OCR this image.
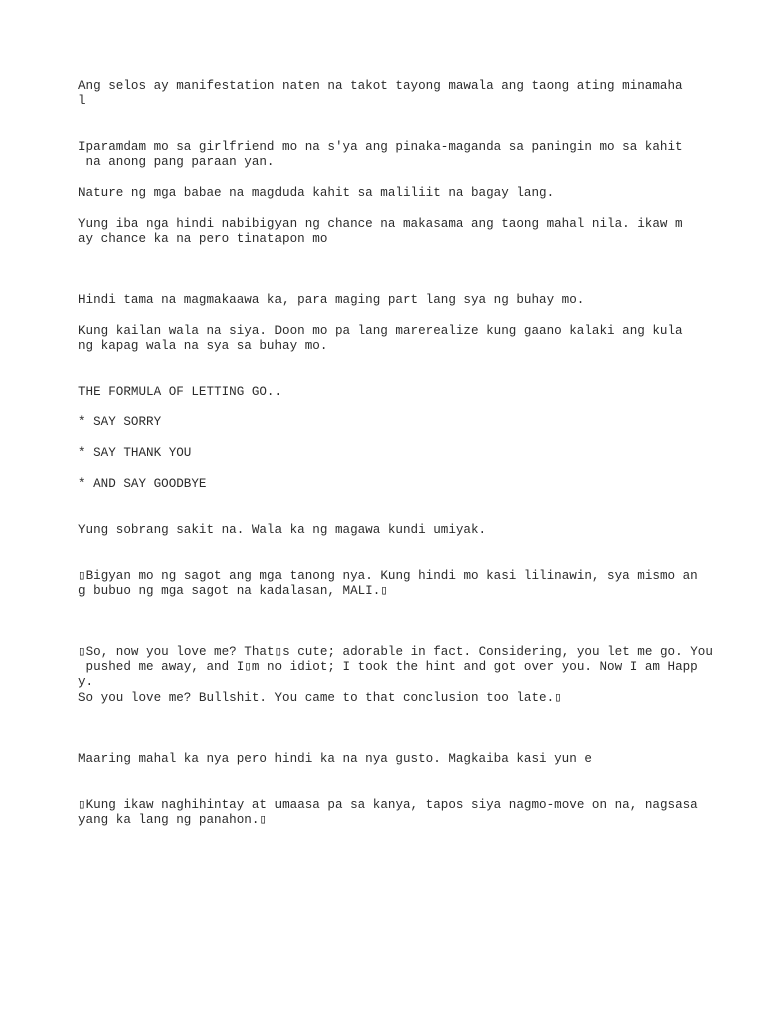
Ang selos ay manifestation naten na takot tayong mawala ang taong ating minamaha

l

Iparamdam mo sa girlfriend mo na s'ya ang pinaka-maganda sa paningin mo sa kahit

na anong pang paraan yan.

Nature ng mga babae na magduda kahit sa maliliit na bagay lang.

Yung iba nga hindi nabibigyan ng chance na makasama ang taong mahal nila. ikaw m

ay chance ka na pero tinatapon mo

Hindi tama na magmakaawa ka, para maging part lang sya ng buhay mo.

Kung kailan wala na siya. Doon mo pa lang marerealize kung gaano kalaki ang kula

ng kapag wala na sya sa buhay mo.

THE FORMULA OF LETTING GO..

* SAY SORRY

* SAY THANK YOU

* AND SAY GOODBYE

Yung sobrang sakit na. Wala ka ng magawa kundi umiyak.

▯Bigyan mo ng sagot ang mga tanong nya. Kung hindi mo kasi lilinawin, sya mismo an

g bubuo ng mga sagot na kadalasan, MALI.▯

▯So, now you love me? That▯s cute; adorable in fact. Considering, you let me go. You

pushed me away, and I▯m no idiot; I took the hint and got over you. Now I am Happ

y.

So you love me? Bullshit. You came to that conclusion too late.▯

Maaring mahal ka nya pero hindi ka na nya gusto. Magkaiba kasi yun e

▯Kung ikaw naghihintay at umaasa pa sa kanya, tapos siya nagmo-move on na, nagsasa

yang ka lang ng panahon.▯
